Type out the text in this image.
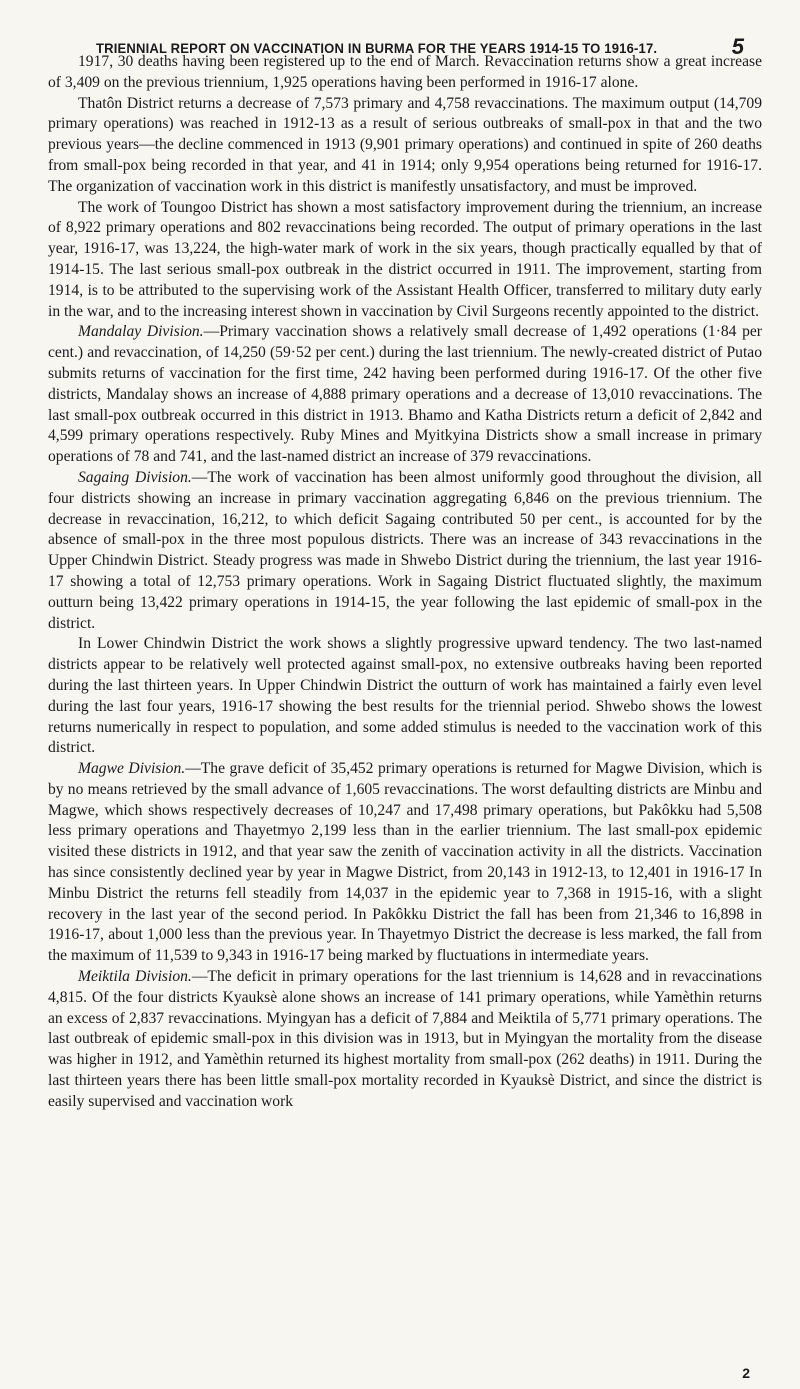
TRIENNIAL REPORT ON VACCINATION IN BURMA FOR THE YEARS 1914-15 TO 1916-17.	5

1917, 30 deaths having been registered up to the end of March. Revaccination returns show a great increase of 3,409 on the previous triennium, 1,925 operations having been performed in 1916-17 alone.

Thatôn District returns a decrease of 7,573 primary and 4,758 revaccinations. The maximum output (14,709 primary operations) was reached in 1912-13 as a result of serious outbreaks of small-pox in that and the two previous years—the decline commenced in 1913 (9,901 primary operations) and continued in spite of 260 deaths from small-pox being recorded in that year, and 41 in 1914; only 9,954 operations being returned for 1916-17. The organization of vaccination work in this district is manifestly unsatisfactory, and must be improved.

The work of Toungoo District has shown a most satisfactory improvement during the triennium, an increase of 8,922 primary operations and 802 revaccinations being recorded. The output of primary operations in the last year, 1916-17, was 13,224, the high-water mark of work in the six years, though practically equalled by that of 1914-15. The last serious small-pox outbreak in the district occurred in 1911. The improvement, starting from 1914, is to be attributed to the supervising work of the Assistant Health Officer, transferred to military duty early in the war, and to the increasing interest shown in vaccination by Civil Surgeons recently appointed to the district.

Mandalay Division.—Primary vaccination shows a relatively small decrease of 1,492 operations (1·84 per cent.) and revaccination, of 14,250 (59·52 per cent.) during the last triennium. The newly-created district of Putao submits returns of vaccination for the first time, 242 having been performed during 1916-17. Of the other five districts, Mandalay shows an increase of 4,888 primary operations and a decrease of 13,010 revaccinations. The last small-pox outbreak occurred in this district in 1913. Bhamo and Katha Districts return a deficit of 2,842 and 4,599 primary operations respectively. Ruby Mines and Myitkyina Districts show a small increase in primary operations of 78 and 741, and the last-named district an increase of 379 revaccinations.

Sagaing Division.—The work of vaccination has been almost uniformly good throughout the division, all four districts showing an increase in primary vaccination aggregating 6,846 on the previous triennium. The decrease in revaccination, 16,212, to which deficit Sagaing contributed 50 per cent., is accounted for by the absence of small-pox in the three most populous districts. There was an increase of 343 revaccinations in the Upper Chindwin District. Steady progress was made in Shwebo District during the triennium, the last year 1916-17 showing a total of 12,753 primary operations. Work in Sagaing District fluctuated slightly, the maximum outturn being 13,422 primary operations in 1914-15, the year following the last epidemic of small-pox in the district.

In Lower Chindwin District the work shows a slightly progressive upward tendency. The two last-named districts appear to be relatively well protected against small-pox, no extensive outbreaks having been reported during the last thirteen years. In Upper Chindwin District the outturn of work has maintained a fairly even level during the last four years, 1916-17 showing the best results for the triennial period. Shwebo shows the lowest returns numerically in respect to population, and some added stimulus is needed to the vaccination work of this district.

Magwe Division.—The grave deficit of 35,452 primary operations is returned for Magwe Division, which is by no means retrieved by the small advance of 1,605 revaccinations. The worst defaulting districts are Minbu and Magwe, which shows respectively decreases of 10,247 and 17,498 primary operations, but Pakôkku had 5,508 less primary operations and Thayetmyo 2,199 less than in the earlier triennium. The last small-pox epidemic visited these districts in 1912, and that year saw the zenith of vaccination activity in all the districts. Vaccination has since consistently declined year by year in Magwe District, from 20,143 in 1912-13, to 12,401 in 1916-17 In Minbu District the returns fell steadily from 14,037 in the epidemic year to 7,368 in 1915-16, with a slight recovery in the last year of the second period. In Pakôkku District the fall has been from 21,346 to 16,898 in 1916-17, about 1,000 less than the previous year. In Thayetmyo District the decrease is less marked, the fall from the maximum of 11,539 to 9,343 in 1916-17 being marked by fluctuations in intermediate years.

Meiktila Division.—The deficit in primary operations for the last triennium is 14,628 and in revaccinations 4,815. Of the four districts Kyauksè alone shows an increase of 141 primary operations, while Yamèthin returns an excess of 2,837 revaccinations. Myingyan has a deficit of 7,884 and Meiktila of 5,771 primary operations. The last outbreak of epidemic small-pox in this division was in 1913, but in Myingyan the mortality from the disease was higher in 1912, and Yamèthin returned its highest mortality from small-pox (262 deaths) in 1911. During the last thirteen years there has been little small-pox mortality recorded in Kyauksè District, and since the district is easily supervised and vaccination work

2
